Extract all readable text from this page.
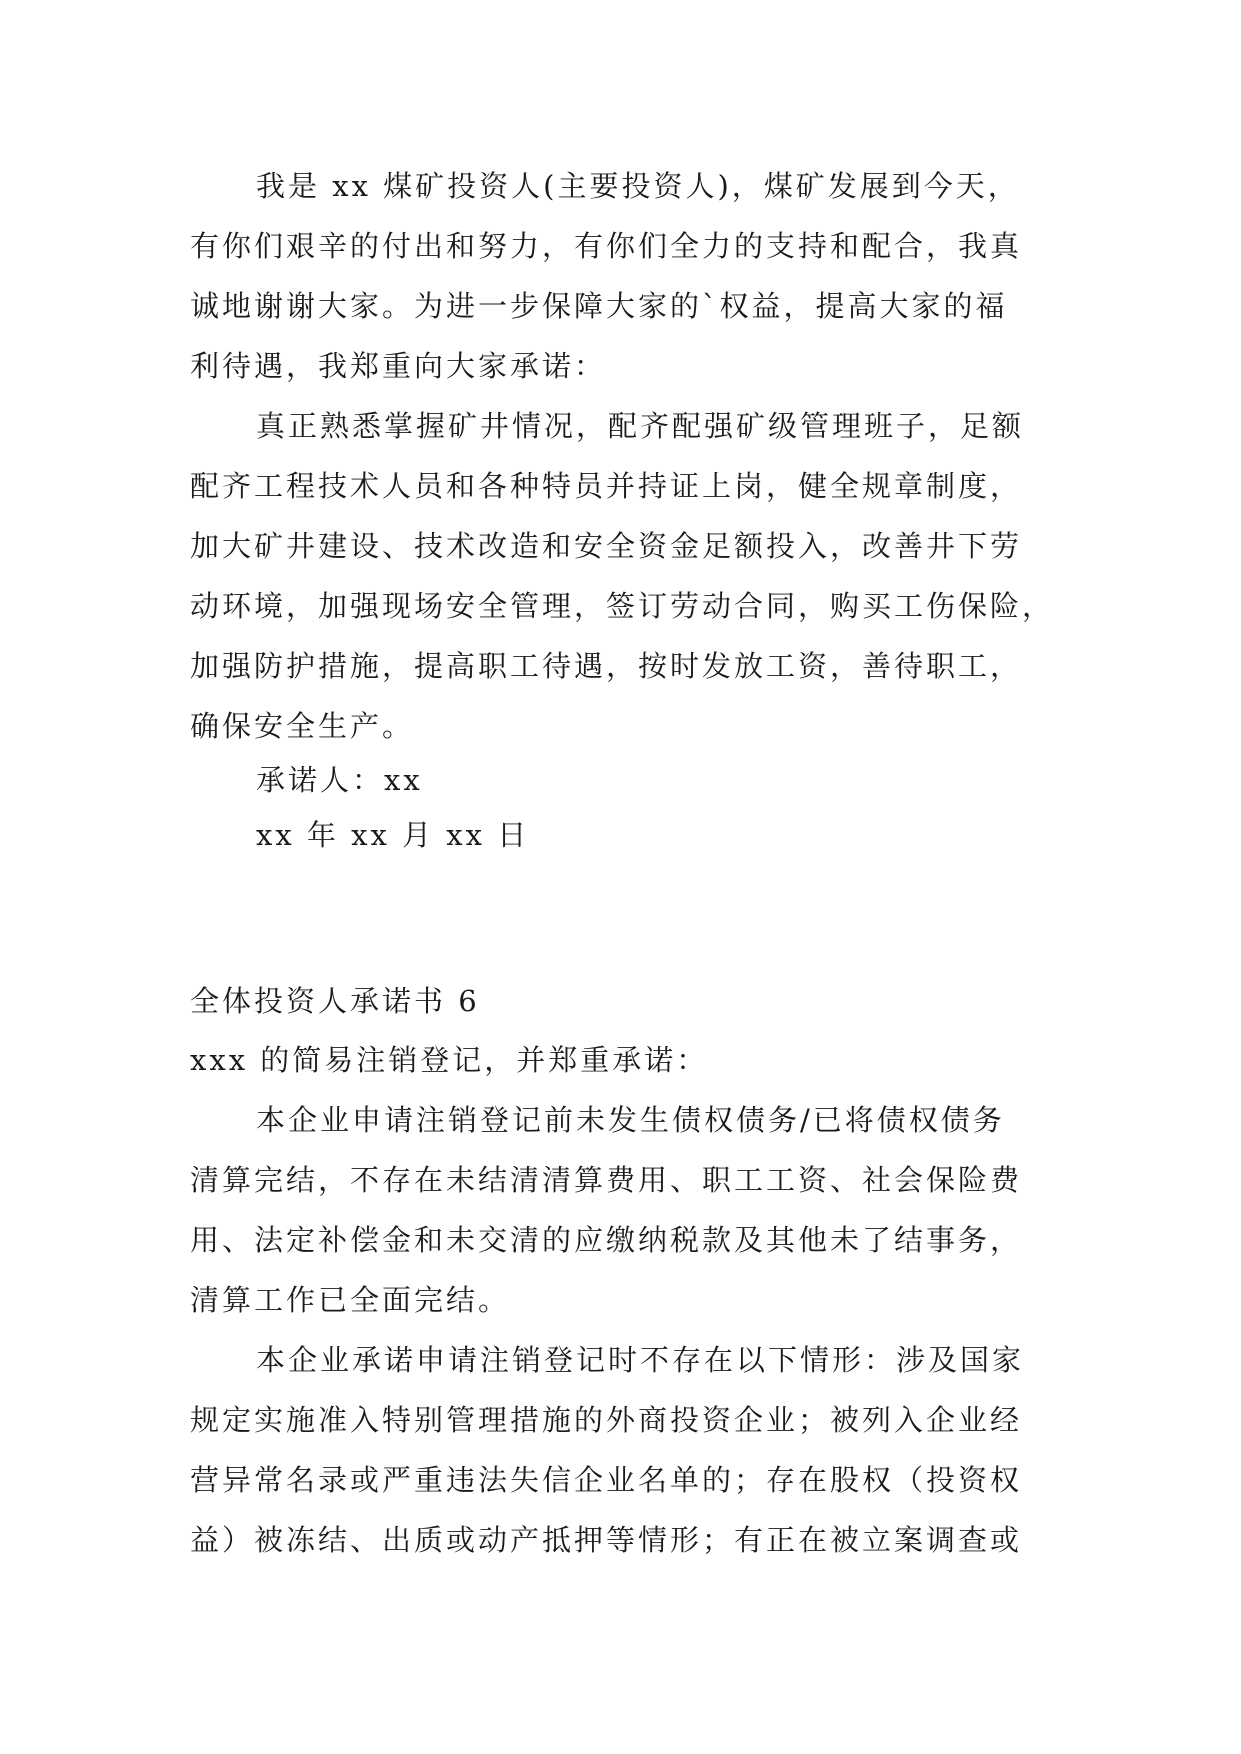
我是 xx 煤矿投资人(主要投资人)，煤矿发展到今天，

有你们艰辛的付出和努力，有你们全力的支持和配合，我真

诚地谢谢大家。为进一步保障大家的`权益，提高大家的福

利待遇，我郑重向大家承诺：

真正熟悉掌握矿井情况，配齐配强矿级管理班子，足额

配齐工程技术人员和各种特员并持证上岗，健全规章制度，

加大矿井建设、技术改造和安全资金足额投入，改善井下劳

动环境，加强现场安全管理，签订劳动合同，购买工伤保险，

加强防护措施，提高职工待遇，按时发放工资，善待职工，

确保安全生产。

承诺人：xx

xx 年 xx 月 xx 日

全体投资人承诺书 6

xxx 的简易注销登记，并郑重承诺：

本企业申请注销登记前未发生债权债务/已将债权债务

清算完结，不存在未结清清算费用、职工工资、社会保险费

用、法定补偿金和未交清的应缴纳税款及其他未了结事务，

清算工作已全面完结。

本企业承诺申请注销登记时不存在以下情形：涉及国家

规定实施准入特别管理措施的外商投资企业；被列入企业经

营异常名录或严重违法失信企业名单的；存在股权（投资权

益）被冻结、出质或动产抵押等情形；有正在被立案调查或
